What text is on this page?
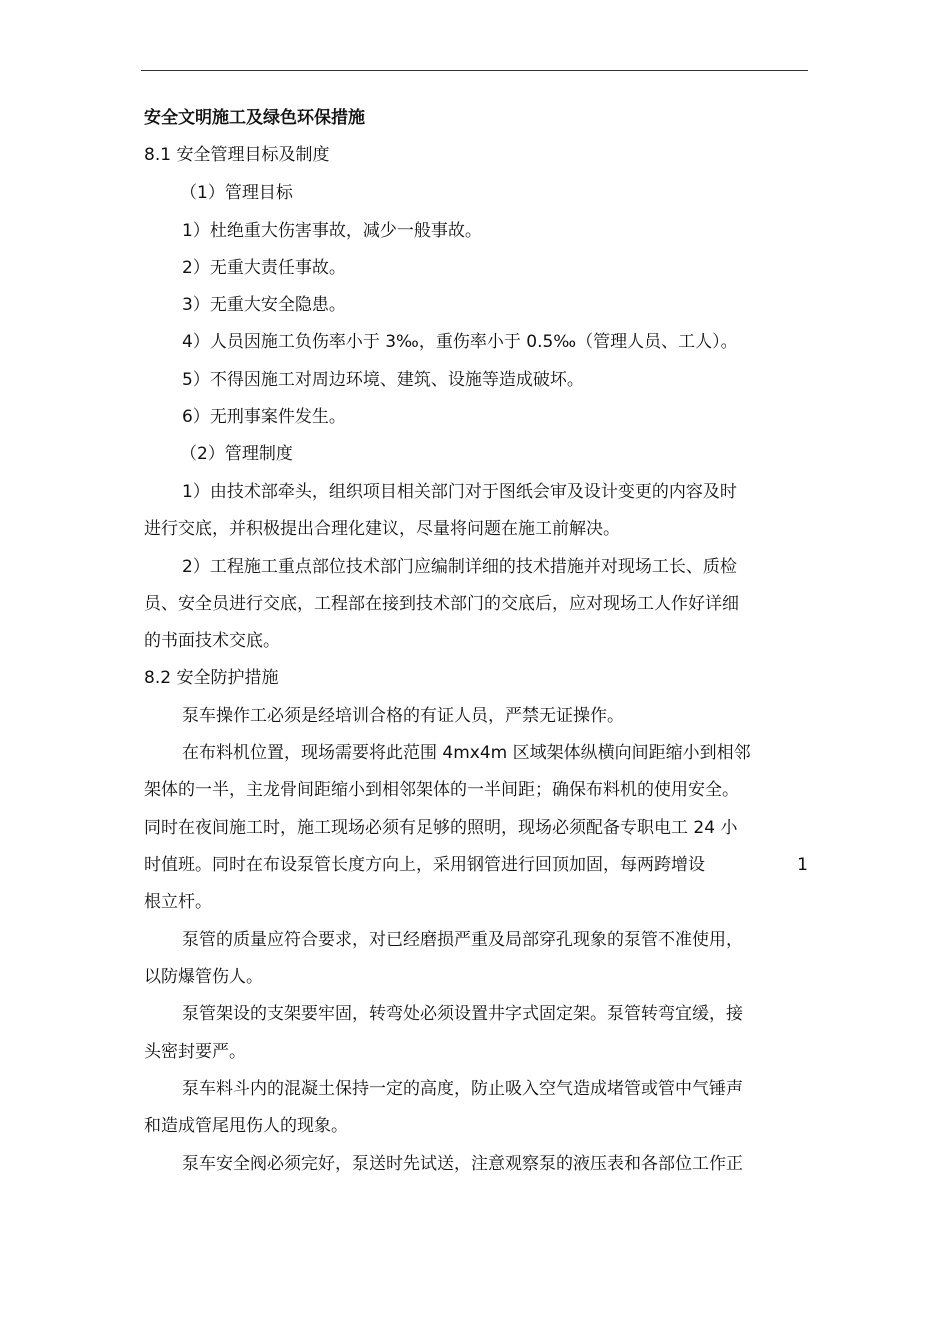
安全文明施工及绿色环保措施
8.1 安全管理目标及制度
（1）管理目标
1）杜绝重大伤害事故，减少一般事故。
2）无重大责任事故。
3）无重大安全隐患。
4）人员因施工负伤率小于 3‰，重伤率小于 0.5‰（管理人员、工人）。
5）不得因施工对周边环境、建筑、设施等造成破坏。
6）无刑事案件发生。
（2）管理制度
1）由技术部牵头，组织项目相关部门对于图纸会审及设计变更的内容及时
进行交底，并积极提出合理化建议，尽量将问题在施工前解决。
2）工程施工重点部位技术部门应编制详细的技术措施并对现场工长、质检
员、安全员进行交底，工程部在接到技术部门的交底后，应对现场工人作好详细
的书面技术交底。
8.2 安全防护措施
泵车操作工必须是经培训合格的有证人员，严禁无证操作。
在布料机位置，现场需要将此范围 4mx4m 区域架体纵横向间距缩小到相邻
架体的一半，主龙骨间距缩小到相邻架体的一半间距；确保布料机的使用安全。
同时在夜间施工时，施工现场必须有足够的照明，现场必须配备专职电工 24 小
时值班。同时在布设泵管长度方向上，采用钢管进行回顶加固，每两跨增设	1
根立杆。
泵管的质量应符合要求，对已经磨损严重及局部穿孔现象的泵管不准使用，
以防爆管伤人。
泵管架设的支架要牢固，转弯处必须设置井字式固定架。泵管转弯宜缓，接
头密封要严。
泵车料斗内的混凝土保持一定的高度，防止吸入空气造成堵管或管中气锤声
和造成管尾甩伤人的现象。
泵车安全阀必须完好，泵送时先试送，注意观察泵的液压表和各部位工作正
